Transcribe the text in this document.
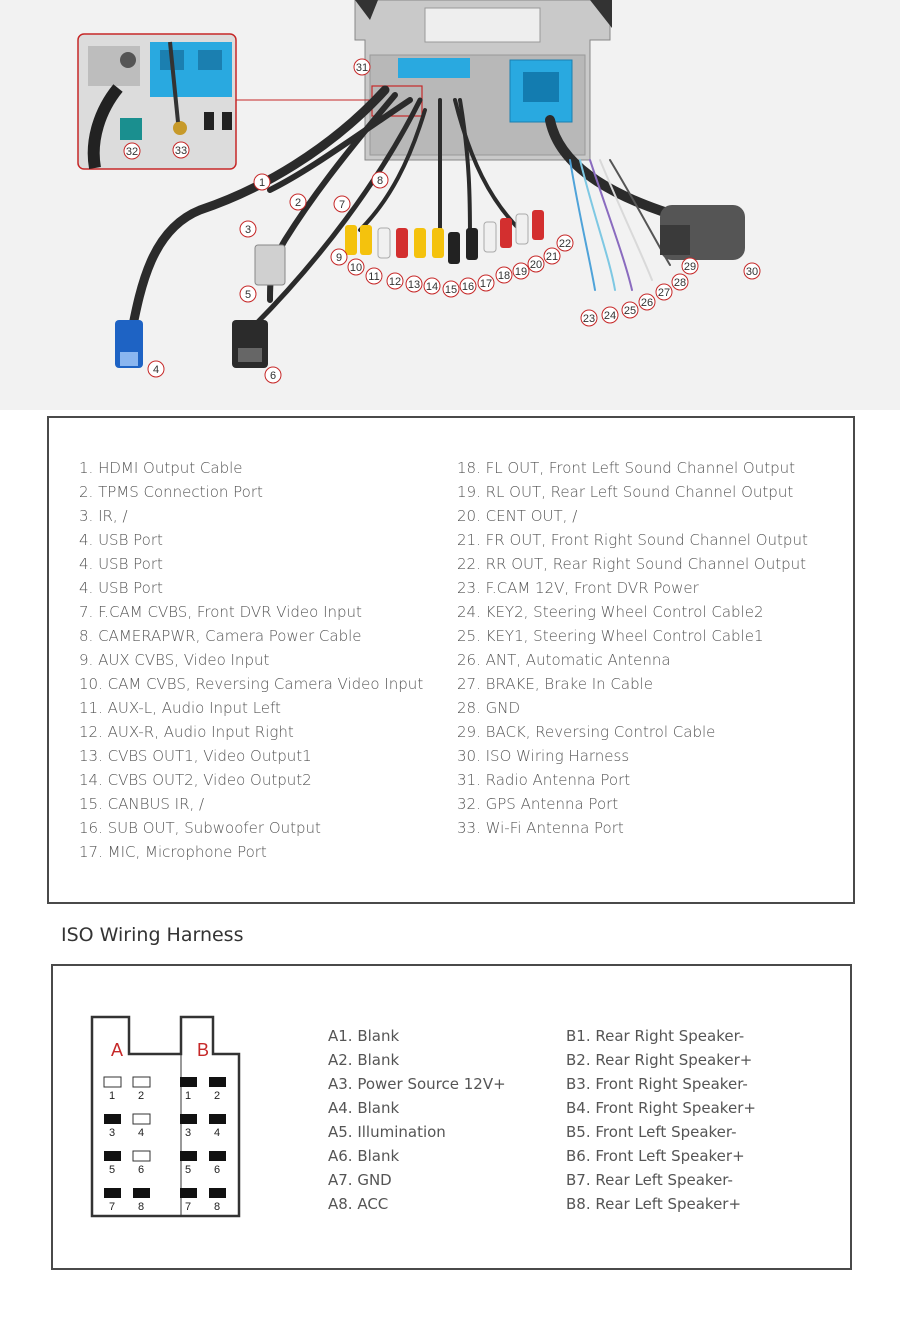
1
2
3
4
5
6
7
8
9
10
11 12 13 14 15 16 17
18 19
20
21
22
23 24 25
26
27
28
29	30
31
32	33
1. HDMI Output Cable
2. TPMS Connection Port
3. IR, /
4. USB Port
4. USB Port
4. USB Port
7. F.CAM CVBS, Front DVR Video Input
8. CAMERAPWR, Camera Power Cable
9. AUX CVBS, Video Input
10. CAM CVBS, Reversing Camera Video Input
11. AUX-L, Audio Input Left
12. AUX-R, Audio Input Right
13. CVBS OUT1, Video Output1
14. CVBS OUT2, Video Output2
15. CANBUS IR, /
16. SUB OUT, Subwoofer Output
17. MIC, Microphone Port
18. FL OUT, Front Left Sound Channel Output
19. RL OUT, Rear Left Sound Channel Output
20. CENT OUT, /
21. FR OUT, Front Right Sound Channel Output
22. RR OUT, Rear Right Sound Channel Output
23. F.CAM 12V, Front DVR Power
24. KEY2, Steering Wheel Control Cable2
25. KEY1, Steering Wheel Control Cable1
26. ANT, Automatic Antenna
27. BRAKE, Brake In Cable
28. GND
29. BACK, Reversing Control Cable
30. ISO Wiring Harness
31. Radio Antenna Port
32. GPS Antenna Port
33. Wi-Fi Antenna Port
ISO Wiring Harness
A	B
1 2
3 4
5 6
7 8
1 2
3 4
5 6
7 8
A1. Blank
A2. Blank
A3. Power Source 12V+
A4. Blank
A5. Illumination
A6. Blank
A7. GND
A8. ACC
B1. Rear Right Speaker-
B2. Rear Right Speaker+
B3. Front Right Speaker-
B4. Front Right Speaker+
B5. Front Left Speaker-
B6. Front Left Speaker+
B7. Rear Left Speaker-
B8. Rear Left Speaker+
